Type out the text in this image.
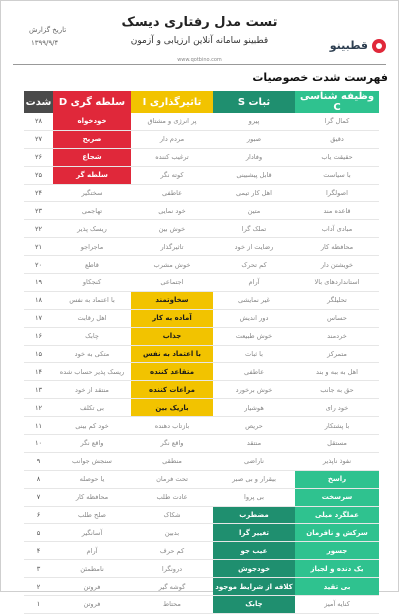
قطبینو
تست مدل رفتاری دیسک
قطبینو سامانه آنلاین ارزیابی و آزمون
www.qotbino.com
تاریخ گزارش
۱۳۹۹/۹/۴
فهرست شدت خصوصیات
وظیفه شناسی C	ثبات S	تاثیرگذاری I	سلطه گری D	شدت
کمال گرا	پیرو	پر انرژی و مشتاق	خودخواه	۲۸
دقیق	صبور	مردم دار	صریح	۲۷
حقیقت یاب	وفادار	ترغیب کننده	شجاع	۲۶
با سیاست	قابل پیشبینی	کوته نگر	سلطه گر	۲۵
اصولگرا	اهل کار تیمی	عاطفی	سختگیر	۲۴
قاعده مند	متین	خود نمایی	تهاجمی	۲۳
مبادی آداب	تملک گرا	خوش بین	ریسک پذیر	۲۲
محافظه کار	رضایت از خود	تاثیرگذار	ماجراجو	۲۱
خویشتن دار	کم تحرک	خوش مشرب	قاطع	۲۰
استانداردهای بالا	آرام	اجتماعی	کنجکاو	۱۹
تحلیلگر	غیر نمایشی	سخاوتمند	با اعتماد به نفس	۱۸
حساس	دور اندیش	آماده به کار	اهل رقابت	۱۷
خردمند	خوش طبیعت	جذاب	چابک	۱۶
متمرکز	با ثبات	با اعتماد به نفس	متکی به خود	۱۵
اهل به ببه و بند	عاطفی	متقاعد کننده	ریسک پذیر حساب شده	۱۴
حق به جانب	خوش برخورد	مراعات کننده	منتقد از خود	۱۳
خود رای	هوشیار	باریک بین	بی تکلف	۱۲
با پشتکار	حریص	بازتاب دهنده	خود کم بینی	۱۱
مستقل	منتقد	واقع نگر	واقع نگر	۱۰
نفوذ ناپذیر	ناراضی	منطقی	سنجش جوانب	۹
راسخ	بیقرار و بی صبر	تحت فرمان	یا حوصله	۸
سرسخت	بی پروا	عادت طلب	محافظه کار	۷
عملگرد میلی	مضطرب	شکاک	صلح طلب	۶
سرکش و نافرمان	تغییر گرا	بدبین	آسانگیر	۵
جسور	عیب جو	کم حرف	آرام	۴
یک دنده و لجباز	خودجوش	درونگرا	نامطمئن	۳
بی تقید	کلافه از شرایط موجود	گوشه گیر	فروتن	۲
کنایه آمیز	چابک	محتاط	فروتن	۱
